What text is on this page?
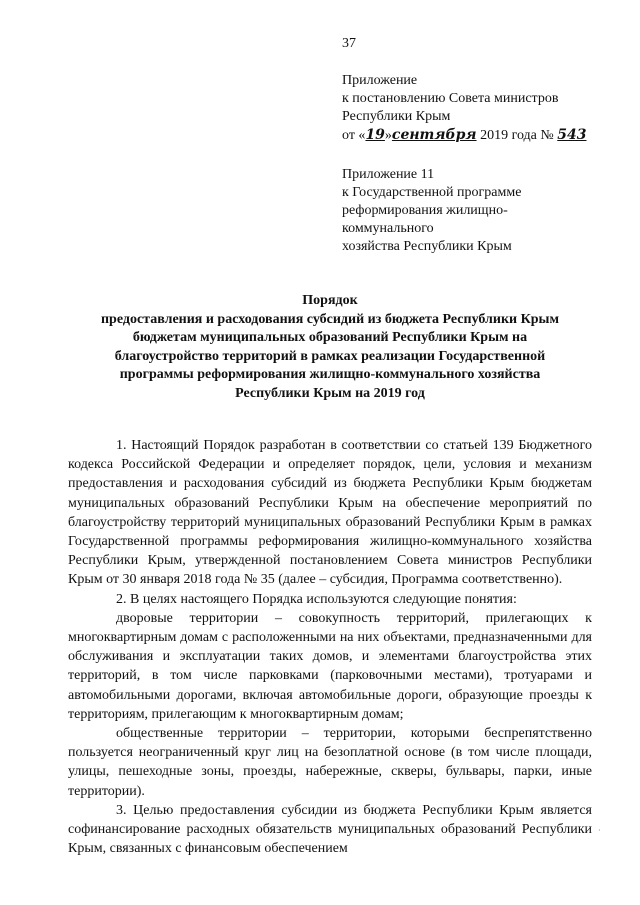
37
Приложение
к постановлению Совета министров
Республики Крым
от «19»сентября 2019 года № 543
Приложение 11
к Государственной программе
реформирования жилищно-
коммунального
хозяйства Республики Крым
Порядок
предоставления и расходования субсидий из бюджета Республики Крым
бюджетам муниципальных образований Республики Крым на
благоустройство территорий в рамках реализации Государственной
программы реформирования жилищно-коммунального хозяйства
Республики Крым на 2019 год

1. Настоящий Порядок разработан в соответствии со статьей 139 Бюджетного кодекса Российской Федерации и определяет порядок, цели, условия и механизм предоставления и расходования субсидий из бюджета Республики Крым бюджетам муниципальных образований Республики Крым на обеспечение мероприятий по благоустройству территорий муниципальных образований Республики Крым в рамках Государственной программы реформирования жилищно-коммунального хозяйства Республики Крым, утвержденной постановлением Совета министров Республики Крым от 30 января 2018 года № 35 (далее – субсидия, Программа соответственно).

2. В целях настоящего Порядка используются следующие понятия:

дворовые территории – совокупность территорий, прилегающих к многоквартирным домам с расположенными на них объектами, предназначенными для обслуживания и эксплуатации таких домов, и элементами благоустройства этих территорий, в том числе парковками (парковочными местами), тротуарами и автомобильными дорогами, включая автомобильные дороги, образующие проезды к территориям, прилегающим к многоквартирным домам;

общественные территории – территории, которыми беспрепятственно пользуется неограниченный круг лиц на безоплатной основе (в том числе площади, улицы, пешеходные зоны, проезды, набережные, скверы, бульвары, парки, иные территории).

3. Целью предоставления субсидии из бюджета Республики Крым является софинансирование расходных обязательств муниципальных образований Республики Крым, связанных с финансовым обеспечением

·
